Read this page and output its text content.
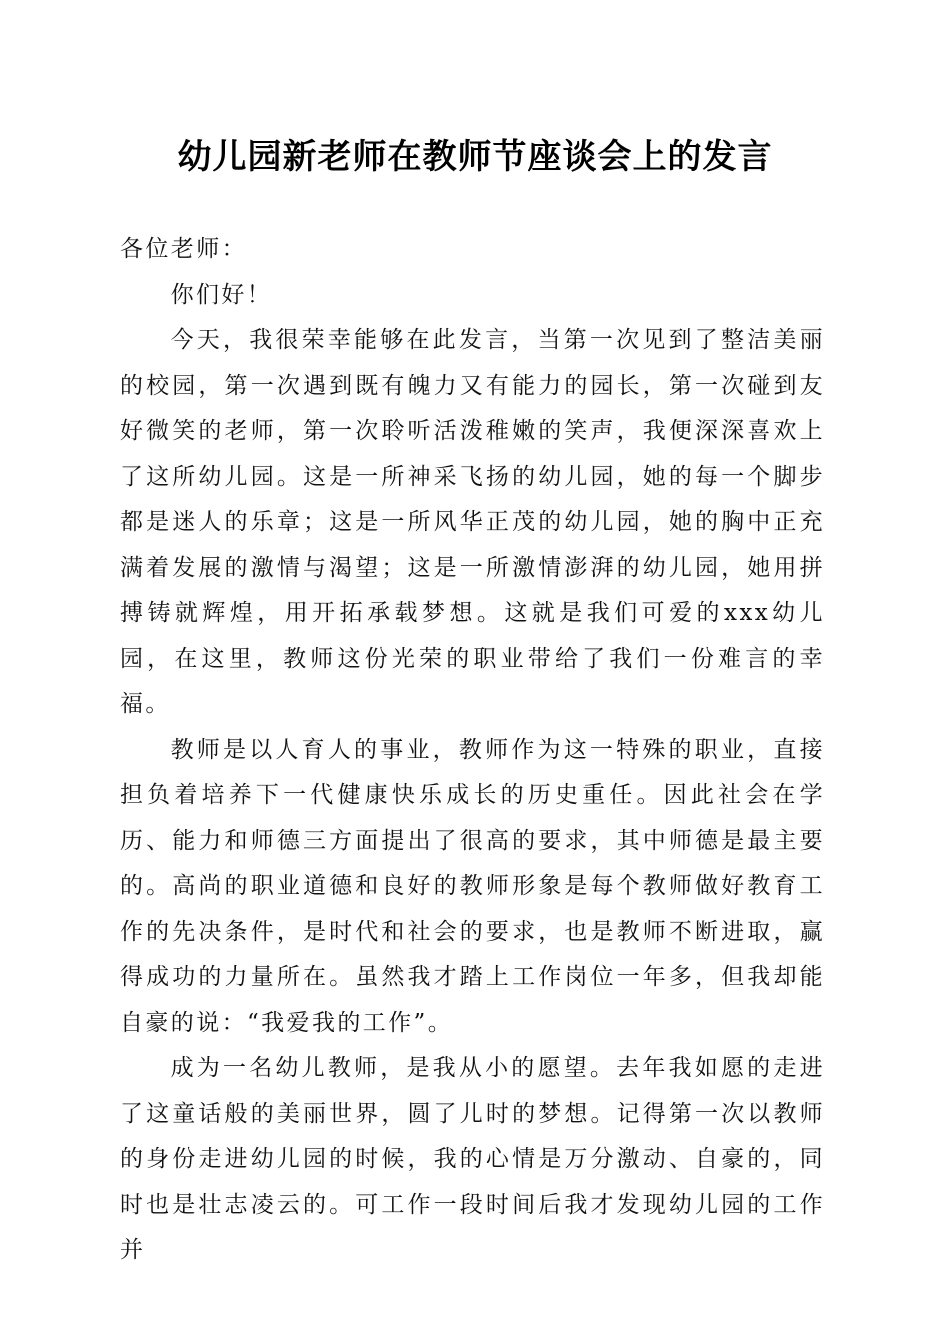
幼儿园新老师在教师节座谈会上的发言

各位老师：

你们好！

今天，我很荣幸能够在此发言，当第一次见到了整洁美丽的校园，第一次遇到既有魄力又有能力的园长，第一次碰到友好微笑的老师，第一次聆听活泼稚嫩的笑声，我便深深喜欢上了这所幼儿园。这是一所神采飞扬的幼儿园，她的每一个脚步都是迷人的乐章；这是一所风华正茂的幼儿园，她的胸中正充满着发展的激情与渴望；这是一所激情澎湃的幼儿园，她用拼搏铸就辉煌，用开拓承载梦想。这就是我们可爱的xxx幼儿园，在这里，教师这份光荣的职业带给了我们一份难言的幸福。

教师是以人育人的事业，教师作为这一特殊的职业，直接担负着培养下一代健康快乐成长的历史重任。因此社会在学历、能力和师德三方面提出了很高的要求，其中师德是最主要的。高尚的职业道德和良好的教师形象是每个教师做好教育工作的先决条件，是时代和社会的要求，也是教师不断进取，赢得成功的力量所在。虽然我才踏上工作岗位一年多，但我却能自豪的说：“我爱我的工作”。

成为一名幼儿教师，是我从小的愿望。去年我如愿的走进了这童话般的美丽世界，圆了儿时的梦想。记得第一次以教师的身份走进幼儿园的时候，我的心情是万分激动、自豪的，同时也是壮志凌云的。可工作一段时间后我才发现幼儿园的工作并
